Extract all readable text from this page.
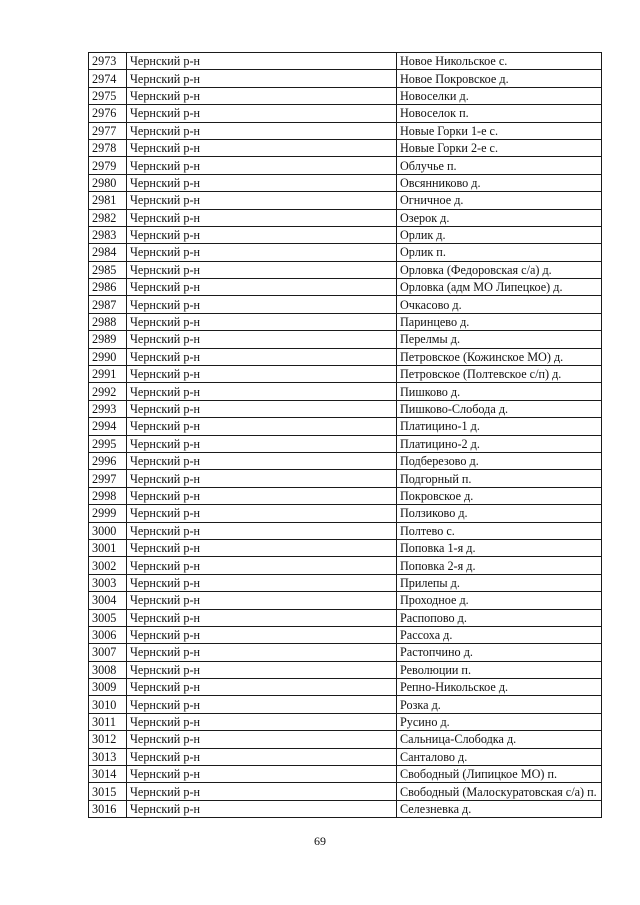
2973	Чернский р-н	Новое Никольское с.
2974	Чернский р-н	Новое Покровское д.
2975	Чернский р-н	Новоселки д.
2976	Чернский р-н	Новоселок п.
2977	Чернский р-н	Новые Горки 1-е с.
2978	Чернский р-н	Новые Горки 2-е с.
2979	Чернский р-н	Облучье п.
2980	Чернский р-н	Овсянниково д.
2981	Чернский р-н	Огничное д.
2982	Чернский р-н	Озерок д.
2983	Чернский р-н	Орлик д.
2984	Чернский р-н	Орлик п.
2985	Чернский р-н	Орловка (Федоровская с/а) д.
2986	Чернский р-н	Орловка (адм МО Липецкое) д.
2987	Чернский р-н	Очкасово д.
2988	Чернский р-н	Паринцево д.
2989	Чернский р-н	Перелмы д.
2990	Чернский р-н	Петровское (Кожинское МО) д.
2991	Чернский р-н	Петровское (Полтевское с/п) д.
2992	Чернский р-н	Пишково д.
2993	Чернский р-н	Пишково-Слобода д.
2994	Чернский р-н	Платицино-1 д.
2995	Чернский р-н	Платицино-2 д.
2996	Чернский р-н	Подберезово д.
2997	Чернский р-н	Подгорный п.
2998	Чернский р-н	Покровское д.
2999	Чернский р-н	Ползиково д.
3000	Чернский р-н	Полтево с.
3001	Чернский р-н	Поповка 1-я д.
3002	Чернский р-н	Поповка 2-я д.
3003	Чернский р-н	Прилепы д.
3004	Чернский р-н	Проходное д.
3005	Чернский р-н	Распопово д.
3006	Чернский р-н	Рассоха д.
3007	Чернский р-н	Растопчино д.
3008	Чернский р-н	Революции п.
3009	Чернский р-н	Репно-Никольское д.
3010	Чернский р-н	Розка д.
3011	Чернский р-н	Русино д.
3012	Чернский р-н	Сальница-Слободка д.
3013	Чернский р-н	Санталово д.
3014	Чернский р-н	Свободный (Липицкое МО) п.
3015	Чернский р-н	Свободный (Малоскуратовская с/а) п.
3016	Чернский р-н	Селезневка д.
69
